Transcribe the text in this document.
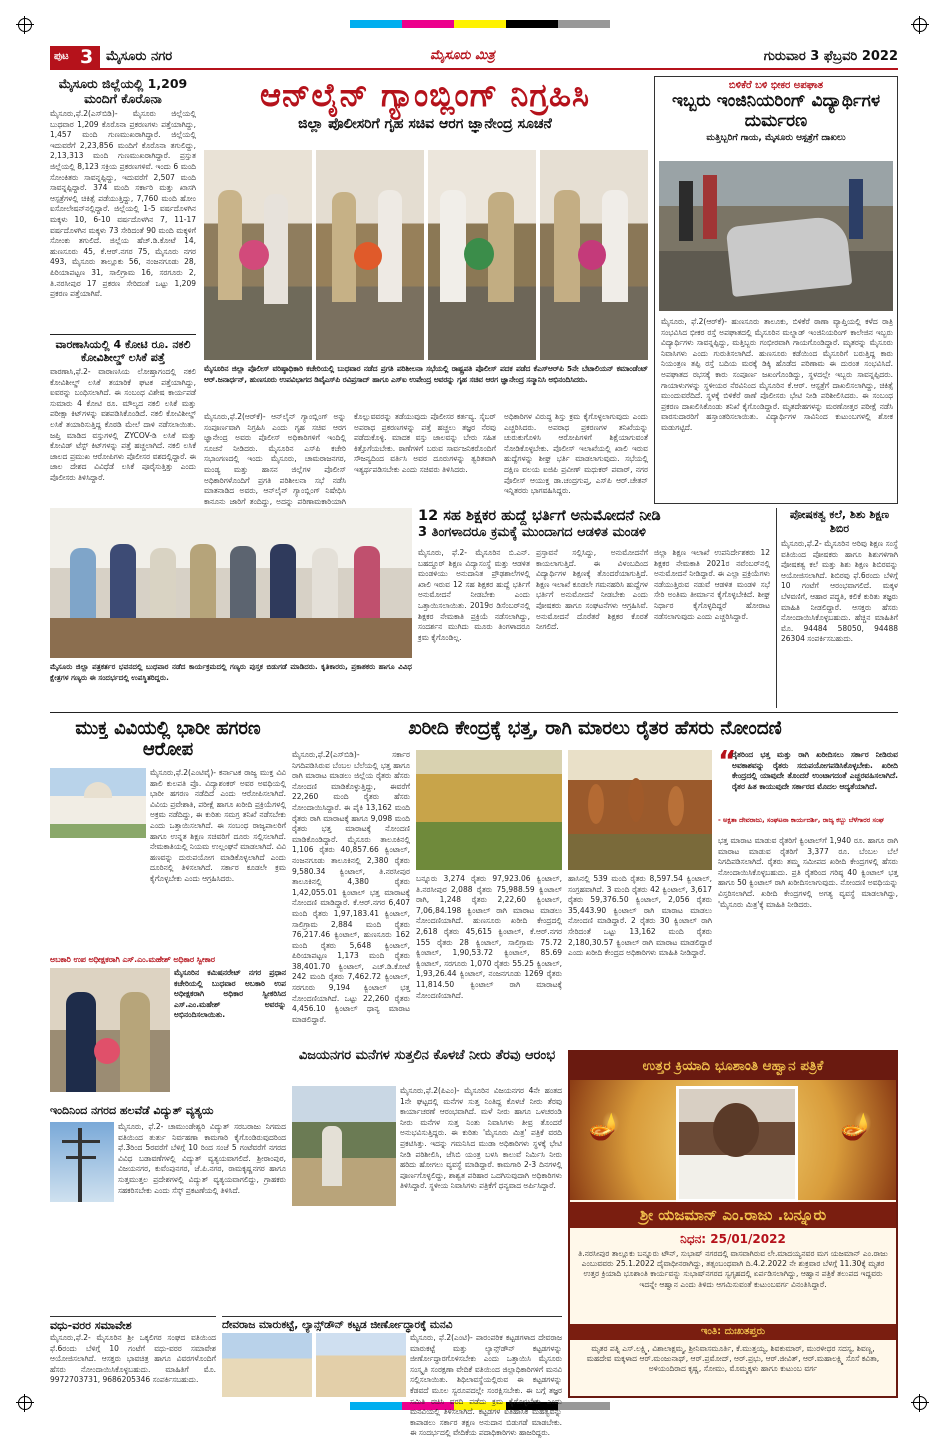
ಪುಟ 3 ಮೈಸೂರು ನಗರ	ಮೈಸೂರು ಮಿತ್ರ	ಗುರುವಾರ 3 ಫೆಬ್ರವರಿ 2022
ಮೈಸೂರು ಜಿಲ್ಲೆಯಲ್ಲಿ 1,209 ಮಂದಿಗೆ ಕೊರೊನಾ
ಮೈಸೂರು,ಫೆ.2(ಎಸ್‌ಬಿಡಿ)- ಮೈಸೂರು ಜಿಲ್ಲೆಯಲ್ಲಿ ಬುಧವಾರ 1,209 ಕೊರೊನಾ ಪ್ರಕರಣಗಳು ಪತ್ತೆಯಾಗಿದ್ದು, 1,457 ಮಂದಿ ಗುಣಮುಖರಾಗಿದ್ದಾರೆ. ಜಿಲ್ಲೆಯಲ್ಲಿ ಇದುವರೆಗೆ 2,23,856 ಮಂದಿಗೆ ಕೊರೊನಾ ತಗುಲಿದ್ದು, 2,13,313 ಮಂದಿ ಗುಣಮುಖರಾಗಿದ್ದಾರೆ. ಪ್ರಸ್ತುತ ಜಿಲ್ಲೆಯಲ್ಲಿ 8,123 ಸಕ್ರಿಯ ಪ್ರಕರಣಗಳಿವೆ. ಇಂದು 6 ಮಂದಿ ಸೋಂಕಿತರು ಸಾವನ್ನಪ್ಪಿದ್ದು, ಇದುವರೆಗೆ 2,507 ಮಂದಿ ಸಾವನ್ನಪ್ಪಿದ್ದಾರೆ. 374 ಮಂದಿ ಸರ್ಕಾರಿ ಮತ್ತು ಖಾಸಗಿ ಆಸ್ಪತ್ರೆಗಳಲ್ಲಿ ಚಿಕಿತ್ಸೆ ಪಡೆಯುತ್ತಿದ್ದು, 7,760 ಮಂದಿ ಹೋಂ ಐಸೋಲೇಷನ್‌ನಲ್ಲಿದ್ದಾರೆ. ಜಿಲ್ಲೆಯಲ್ಲಿ 1-5 ವರ್ಷದೊಳಗಿನ ಮಕ್ಕಳು 10, 6-10 ವರ್ಷದೊಳಗಿನ 7, 11-17 ವರ್ಷದೊಳಗಿನ ಮಕ್ಕಳು 73 ಸೇರಿದಂತೆ 90 ಮಂದಿ ಮಕ್ಕಳಿಗೆ ಸೋಂಕು ತಗುಲಿದೆ. ಜಿಲ್ಲೆಯ ಹೆಚ್.ಡಿ.ಕೋಟೆ 14, ಹುಣಸೂರು 45, ಕೆ.ಆರ್.ನಗರ 75, ಮೈಸೂರು ನಗರ 493, ಮೈಸೂರು ತಾಲ್ಲೂಕು 56, ನಂಜನಗೂಡು 28, ಪಿರಿಯಾಪಟ್ಟಣ 31, ಸಾಲಿಗ್ರಾಮ 16, ಸರಗೂರು 2, ತಿ.ನರಸೀಪುರ 17 ಪ್ರಕರಣ ಸೇರಿದಂತೆ ಒಟ್ಟು 1,209 ಪ್ರಕರಣ ಪತ್ತೆಯಾಗಿವೆ.
ವಾರಣಾಸಿಯಲ್ಲಿ 4 ಕೋಟಿ ರೂ. ನಕಲಿ ಕೋವಿಶೀಲ್ಡ್ ಲಸಿಕೆ ಪತ್ತೆ
ವಾರಣಾಸಿ,ಫೆ.2- ವಾರಾಣಸಿಯ ಲೋಹ್ತಾಗಂದಲ್ಲಿ ನಕಲಿ ಕೋವಿಶೀಲ್ಡ್ ಲಸಿಕೆ ತಯಾರಿಕೆ ಘಟಕ ಪತ್ತೆಯಾಗಿದ್ದು, ಐವರನ್ನು ಬಂಧಿಸಲಾಗಿದೆ. ಈ ಸಂಬಂಧ ವಿಶೇಷ ಕಾರ್ಯಪಡೆ ಸುಮಾರು 4 ಕೋಟಿ ರೂ. ಮೌಲ್ಯದ ನಕಲಿ ಲಸಿಕೆ ಮತ್ತು ಪರೀಕ್ಷಾ ಕಿಟ್‌ಗಳನ್ನು ವಶಪಡಿಸಿಕೊಂಡಿದೆ. ನಕಲಿ ಕೋವಿಶೀಲ್ಡ್ ಲಸಿಕೆ ತಯಾರಿಸುತ್ತಿದ್ದ ಕೊಠಡಿ ಮೇಲೆ ದಾಳಿ ನಡೆಸಲಾಯಿತು. ಜಪ್ತಿ ಮಾಡಿದ ವಸ್ತುಗಳಲ್ಲಿ ZYCOV-ಡಿ ಲಸಿಕೆ ಮತ್ತು ಕೋವಿಡ್ ಟೆಸ್ಟ್ ಕಿಟ್‌ಗಳನ್ನು ಪತ್ತೆ ಹಚ್ಚಲಾಗಿದೆ. ನಕಲಿ ಲಸಿಕೆ ಜಾಲದ ಪ್ರಮುಖ ಆರೋಪಿಗಳು ಪೊಲೀಸರ ವಶದಲ್ಲಿದ್ದಾರೆ. ಈ ಜಾಲ ದೇಶದ ವಿವಿಧೆಡೆ ಲಸಿಕೆ ಪೂರೈಸುತ್ತಿತ್ತು ಎಂದು ಪೊಲೀಸರು ತಿಳಿಸಿದ್ದಾರೆ.
ಆನ್‌ಲೈನ್ ಗ್ಯಾಂಬ್ಲಿಂಗ್ ನಿಗ್ರಹಿಸಿ
ಜಿಲ್ಲಾ ಪೊಲೀಸರಿಗೆ ಗೃಹ ಸಚಿವ ಆರಗ ಜ್ಞಾನೇಂದ್ರ ಸೂಚನೆ
ಮೈಸೂರಿನ ಜಿಲ್ಲಾ ಪೊಲೀಸ್ ವರಿಷ್ಠಾಧಿಕಾರಿ ಕಚೇರಿಯಲ್ಲಿ ಬುಧವಾರ ನಡೆದ ಪ್ರಗತಿ ಪರಿಶೀಲನಾ ಸಭೆಯಲ್ಲಿ ರಾಷ್ಟ್ರಪತಿ ಪೊಲೀಸ್ ಪದಕ ಪಡೆದ ಕೆಎಸ್‌ಆರ್‌ಪಿ 5ನೇ ಬೆಟಾಲಿಯನ್ ಕಮಾಂಡೆಂಟ್ ಆರ್.ಜನಾರ್ಧನ್, ಹುಣಸೂರು ಉಪವಿಭಾಗದ ಡಿವೈಎಸ್‌ಪಿ ರವಿಪ್ರಸಾದ್ ಹಾಗೂ ಎಸ್‌ಐ ಉಪೇಂದ್ರ ಅವರನ್ನು ಗೃಹ ಸಚಿವ ಆರಗ ಜ್ಞಾನೇಂದ್ರ ಸನ್ಮಾನಿಸಿ ಅಭಿನಂದಿಸಿದರು.
ಮೈಸೂರು,ಫೆ.2(ಆರ್‌ಕೆ)- ಆನ್‌ಲೈನ್ ಗ್ಯಾಂಬ್ಲಿಂಗ್ ಅನ್ನು ಸಂಪೂರ್ಣವಾಗಿ ನಿಗ್ರಹಿಸಿ ಎಂದು ಗೃಹ ಸಚಿವ ಆರಗ ಜ್ಞಾನೇಂದ್ರ ಅವರು ಪೊಲೀಸ್ ಅಧಿಕಾರಿಗಳಿಗೆ ಇಂದಿಲ್ಲಿ ಸೂಚನೆ ನೀಡಿದರು. ಮೈಸೂರಿನ ಎಸ್‌ಪಿ ಕಚೇರಿ ಸಭಾಂಗಣದಲ್ಲಿ ಇಂದು ಮೈಸೂರು, ಚಾಮರಾಜನಗರ, ಮಂಡ್ಯ ಮತ್ತು ಹಾಸನ ಜಿಲ್ಲೆಗಳ ಪೊಲೀಸ್ ಅಧಿಕಾರಿಗಳೊಂದಿಗೆ ಪ್ರಗತಿ ಪರಿಶೀಲನಾ ಸಭೆ ನಡೆಸಿ ಮಾತನಾಡಿದ ಅವರು, ಆನ್‌ಲೈನ್ ಗ್ಯಾಂಬ್ಲಿಂಗ್ ನಿಷೇಧಿಸಿ ಕಾನೂನು ಜಾರಿಗೆ ತಂದಿದ್ದು, ಅದನ್ನು ಪರಿಣಾಮಕಾರಿಯಾಗಿ
ಕೊಲ್ಲುವವರನ್ನು ತಡೆಯುವುದು ಪೊಲೀಸರ ಕರ್ತವ್ಯ. ಸೈಬರ್ ಅಪರಾಧ ಪ್ರಕರಣಗಳನ್ನು ಪತ್ತೆ ಹಚ್ಚಲು ತಜ್ಞರ ನೆರವು ಪಡೆದುಕೊಳ್ಳಿ. ಮಾದಕ ವಸ್ತು ಜಾಲವನ್ನು ಬೇರು ಸಹಿತ ಕಿತ್ತೊಗೆಯಬೇಕು. ಠಾಣೆಗಳಿಗೆ ಬರುವ ಸಾರ್ವಜನಿಕರೊಂದಿಗೆ ಸೌಜನ್ಯದಿಂದ ವರ್ತಿಸಿ ಅವರ ದೂರುಗಳನ್ನು ತ್ವರಿತವಾಗಿ ಇತ್ಯರ್ಥಪಡಿಸಬೇಕು ಎಂದು ಸಚಿವರು ತಿಳಿಸಿದರು.
ಅಧಿಕಾರಿಗಳ ವಿರುದ್ಧ ಶಿಸ್ತು ಕ್ರಮ ಕೈಗೊಳ್ಳಲಾಗುವುದು ಎಂದು ಎಚ್ಚರಿಸಿದರು. ಅಪರಾಧ ಪ್ರಕರಣಗಳ ತನಿಖೆಯನ್ನು ಚುರುಕುಗೊಳಿಸಿ ಆರೋಪಿಗಳಿಗೆ ಶಿಕ್ಷೆಯಾಗುವಂತೆ ನೋಡಿಕೊಳ್ಳಬೇಕು. ಪೊಲೀಸ್ ಇಲಾಖೆಯಲ್ಲಿ ಖಾಲಿ ಇರುವ ಹುದ್ದೆಗಳನ್ನು ಶೀಘ್ರ ಭರ್ತಿ ಮಾಡಲಾಗುವುದು. ಸಭೆಯಲ್ಲಿ ದಕ್ಷಿಣ ವಲಯ ಐಜಿಪಿ ಪ್ರವೀಣ್ ಮಧುಕರ್ ಪವಾರ್, ನಗರ ಪೊಲೀಸ್ ಆಯುಕ್ತ ಡಾ.ಚಂದ್ರಗುಪ್ತ, ಎಸ್‌ಪಿ ಆರ್.ಚೇತನ್ ಇನ್ನಿತರರು ಭಾಗವಹಿಸಿದ್ದರು.
ಬಿಳಿಕೆರೆ ಬಳಿ ಭೀಕರ ಅಪಘಾತ
ಇಬ್ಬರು ಇಂಜಿನಿಯರಿಂಗ್ ವಿದ್ಯಾರ್ಥಿಗಳ ದುರ್ಮರಣ
ಮತ್ತಿಬ್ಬರಿಗೆ ಗಾಯ, ಮೈಸೂರು ಆಸ್ಪತ್ರೆಗೆ ದಾಖಲು
ಮೈಸೂರು, ಫೆ.2(ಆರ್‌ಕೆ)- ಹುಣಸೂರು ತಾಲೂಕು, ಬಿಳಿಕೆರೆ ಠಾಣಾ ವ್ಯಾಪ್ತಿಯಲ್ಲಿ ಕಳೆದ ರಾತ್ರಿ ಸಂಭವಿಸಿದ ಭೀಕರ ರಸ್ತೆ ಅಪಘಾತದಲ್ಲಿ ಮೈಸೂರಿನ ಮಲ್ನಾಡ್ ಇಂಜಿನಿಯರಿಂಗ್ ಕಾಲೇಜಿನ ಇಬ್ಬರು ವಿದ್ಯಾರ್ಥಿಗಳು ಸಾವನ್ನಪ್ಪಿದ್ದು, ಮತ್ತಿಬ್ಬರು ಗಂಭೀರವಾಗಿ ಗಾಯಗೊಂಡಿದ್ದಾರೆ. ಮೃತರನ್ನು ಮೈಸೂರು ನಿವಾಸಿಗಳು ಎಂದು ಗುರುತಿಸಲಾಗಿದೆ. ಹುಣಸೂರು ಕಡೆಯಿಂದ ಮೈಸೂರಿಗೆ ಬರುತ್ತಿದ್ದ ಕಾರು ನಿಯಂತ್ರಣ ತಪ್ಪಿ ರಸ್ತೆ ಬದಿಯ ಮರಕ್ಕೆ ಡಿಕ್ಕಿ ಹೊಡೆದ ಪರಿಣಾಮ ಈ ದುರಂತ ಸಂಭವಿಸಿದೆ. ಅಪಘಾತದ ರಭಸಕ್ಕೆ ಕಾರು ಸಂಪೂರ್ಣ ಜಖಂಗೊಂಡಿದ್ದು, ಸ್ಥಳದಲ್ಲೇ ಇಬ್ಬರು ಸಾವನ್ನಪ್ಪಿದರು. ಗಾಯಾಳುಗಳನ್ನು ಸ್ಥಳೀಯರ ನೆರವಿನಿಂದ ಮೈಸೂರಿನ ಕೆ.ಆರ್. ಆಸ್ಪತ್ರೆಗೆ ದಾಖಲಿಸಲಾಗಿದ್ದು, ಚಿಕಿತ್ಸೆ ಮುಂದುವರೆದಿದೆ. ಸ್ಥಳಕ್ಕೆ ಬಿಳಿಕೆರೆ ಠಾಣೆ ಪೊಲೀಸರು ಭೇಟಿ ನೀಡಿ ಪರಿಶೀಲಿಸಿದರು. ಈ ಸಂಬಂಧ ಪ್ರಕರಣ ದಾಖಲಿಸಿಕೊಂಡು ತನಿಖೆ ಕೈಗೊಂಡಿದ್ದಾರೆ. ಮೃತದೇಹಗಳನ್ನು ಮರಣೋತ್ತರ ಪರೀಕ್ಷೆ ನಡೆಸಿ ವಾರಸುದಾರರಿಗೆ ಹಸ್ತಾಂತರಿಸಲಾಯಿತು. ವಿದ್ಯಾರ್ಥಿಗಳ ಸಾವಿನಿಂದ ಕುಟುಂಬಗಳಲ್ಲಿ ಶೋಕ ಮಡುಗಟ್ಟಿದೆ.
ಮೈಸೂರು ಜಿಲ್ಲಾ ಪತ್ರಕರ್ತರ ಭವನದಲ್ಲಿ ಬುಧವಾರ ನಡೆದ ಕಾರ್ಯಕ್ರಮದಲ್ಲಿ ಗಣ್ಯರು ಪುಸ್ತಕ ಬಿಡುಗಡೆ ಮಾಡಿದರು. ಕೃತಿಕಾರರು, ಪ್ರಕಾಶಕರು ಹಾಗೂ ವಿವಿಧ ಕ್ಷೇತ್ರಗಳ ಗಣ್ಯರು ಈ ಸಂದರ್ಭದಲ್ಲಿ ಉಪಸ್ಥಿತರಿದ್ದರು.
12 ಸಹ ಶಿಕ್ಷಕರ ಹುದ್ದೆ ಭರ್ತಿಗೆ ಅನುಮೋದನೆ ನೀಡಿ
3 ತಿಂಗಳಾದರೂ ಕ್ರಮಕ್ಕೆ ಮುಂದಾಗದ ಆಡಳಿತ ಮಂಡಳಿ
ಮೈಸೂರು, ಫೆ.2- ಮೈಸೂರಿನ ಬಿ.ಎನ್. ಬಹದ್ದೂರ್ ಶಿಕ್ಷಣ ವಿದ್ಯಾಸಂಸ್ಥೆ ಮತ್ತು ಆಡಳಿತ ಮಂಡಳಿಯು ಅನುದಾನಿತ ಪ್ರೌಢಶಾಲೆಗಳಲ್ಲಿ ಖಾಲಿ ಇರುವ 12 ಸಹ ಶಿಕ್ಷಕರ ಹುದ್ದೆ ಭರ್ತಿಗೆ ಅನುಮೋದನೆ ನೀಡಬೇಕು ಎಂದು ಒತ್ತಾಯಿಸಲಾಯಿತು. 2019ರ ಡಿಸೆಂಬರ್‌ನಲ್ಲಿ ಶಿಕ್ಷಕರ ನೇಮಕಾತಿ ಪ್ರಕ್ರಿಯೆ ನಡೆಸಲಾಗಿದ್ದು, ಸಂದರ್ಶನ ಮುಗಿದು ಮೂರು ತಿಂಗಳಾದರೂ ಕ್ರಮ ಕೈಗೊಂಡಿಲ್ಲ.
ಪ್ರಸ್ತಾವನೆ ಸಲ್ಲಿಸಿದ್ದು, ಅನುಮೋದನೆಗೆ ಕಾಯಲಾಗುತ್ತಿದೆ. ಈ ವಿಳಂಬದಿಂದ ವಿದ್ಯಾರ್ಥಿಗಳ ಶಿಕ್ಷಣಕ್ಕೆ ತೊಂದರೆಯಾಗುತ್ತಿದೆ. ಶಿಕ್ಷಣ ಇಲಾಖೆ ಕೂಡಲೇ ಗಮನಹರಿಸಿ ಹುದ್ದೆಗಳ ಭರ್ತಿಗೆ ಅನುಮೋದನೆ ನೀಡಬೇಕು ಎಂದು ಪೋಷಕರು ಹಾಗೂ ಸಂಘಟನೆಗಳು ಆಗ್ರಹಿಸಿವೆ. ಅನುಮೋದನೆ ದೊರೆತರೆ ಶಿಕ್ಷಕರ ಕೊರತೆ ನೀಗಲಿದೆ.
ಜಿಲ್ಲಾ ಶಿಕ್ಷಣ ಇಲಾಖೆ ಉಪನಿರ್ದೇಶಕರು 12 ಶಿಕ್ಷಕರ ನೇಮಕಾತಿ 2021ರ ನವೆಂಬರ್‌ನಲ್ಲಿ ಅನುಮೋದನೆ ನೀಡಿದ್ದಾರೆ. ಈ ಎಲ್ಲಾ ಪ್ರಕ್ರಿಯೆಗಳು ನಡೆಯುತ್ತಿರುವ ನಡುವೆ ಆಡಳಿತ ಮಂಡಳಿ ಸಭೆ ಸೇರಿ ಅಂತಿಮ ತೀರ್ಮಾನ ಕೈಗೊಳ್ಳಬೇಕಿದೆ. ಶೀಘ್ರ ನಿರ್ಧಾರ ಕೈಗೊಳ್ಳದಿದ್ದರೆ ಹೋರಾಟ ನಡೆಸಲಾಗುವುದು ಎಂದು ಎಚ್ಚರಿಸಿದ್ದಾರೆ.
ಪೋಷಕತ್ವ ಕಲೆ, ಶಿಶು ಶಿಕ್ಷಣ ಶಿಬಿರ
ಮೈಸೂರು,ಫೆ.2- ಮೈಸೂರಿನ ಅರಿವು ಶಿಕ್ಷಣ ಸಂಸ್ಥೆ ವತಿಯಿಂದ ಪೋಷಕರು ಹಾಗೂ ಶಿಶುಗಳಿಗಾಗಿ ಪೋಷಕತ್ವ ಕಲೆ ಮತ್ತು ಶಿಶು ಶಿಕ್ಷಣ ಶಿಬಿರವನ್ನು ಆಯೋಜಿಸಲಾಗಿದೆ. ಶಿಬಿರವು ಫೆ.6ರಂದು ಬೆಳಿಗ್ಗೆ 10 ಗಂಟೆಗೆ ಆರಂಭವಾಗಲಿದೆ. ಮಕ್ಕಳ ಬೆಳವಣಿಗೆ, ಆಹಾರ ಪದ್ಧತಿ, ಕಲಿಕೆ ಕುರಿತು ತಜ್ಞರು ಮಾಹಿತಿ ನೀಡಲಿದ್ದಾರೆ. ಆಸಕ್ತರು ಹೆಸರು ನೋಂದಾಯಿಸಿಕೊಳ್ಳಬಹುದು. ಹೆಚ್ಚಿನ ಮಾಹಿತಿಗೆ ಮೊ. 94484 58050, 94488 26304 ಸಂಪರ್ಕಿಸಬಹುದು.
ಮುಕ್ತ ವಿವಿಯಲ್ಲಿ ಭಾರೀ ಹಗರಣ ಆರೋಪ
ಮೈಸೂರು,ಫೆ.2(ಎಂಟಿವೈ)- ಕರ್ನಾಟಕ ರಾಜ್ಯ ಮುಕ್ತ ವಿವಿ ಹಾಲಿ ಕುಲಪತಿ ಪ್ರೊ. ವಿದ್ಯಾಶಂಕರ್ ಅವರ ಅವಧಿಯಲ್ಲಿ ಭಾರೀ ಹಗರಣ ನಡೆದಿದೆ ಎಂದು ಆರೋಪಿಸಲಾಗಿದೆ. ವಿವಿಯ ಪ್ರವೇಶಾತಿ, ಪರೀಕ್ಷೆ ಹಾಗೂ ಖರೀದಿ ಪ್ರಕ್ರಿಯೆಗಳಲ್ಲಿ ಅಕ್ರಮ ನಡೆದಿದ್ದು, ಈ ಕುರಿತು ಸಮಗ್ರ ತನಿಖೆ ನಡೆಸಬೇಕು ಎಂದು ಒತ್ತಾಯಿಸಲಾಗಿದೆ. ಈ ಸಂಬಂಧ ರಾಜ್ಯಪಾಲರಿಗೆ ಹಾಗೂ ಉನ್ನತ ಶಿಕ್ಷಣ ಸಚಿವರಿಗೆ ದೂರು ಸಲ್ಲಿಸಲಾಗಿದೆ. ನೇಮಕಾತಿಯಲ್ಲಿ ನಿಯಮ ಉಲ್ಲಂಘನೆ ಮಾಡಲಾಗಿದೆ. ವಿವಿ ಹಣವನ್ನು ದುರುಪಯೋಗ ಮಾಡಿಕೊಳ್ಳಲಾಗಿದೆ ಎಂದು ದೂರಿನಲ್ಲಿ ತಿಳಿಸಲಾಗಿದೆ. ಸರ್ಕಾರ ಕೂಡಲೇ ಕ್ರಮ ಕೈಗೊಳ್ಳಬೇಕು ಎಂದು ಆಗ್ರಹಿಸಿದರು.
ಅಬಕಾರಿ ಉಪ ಅಧೀಕ್ಷಕರಾಗಿ ಎಸ್.ಎಂ.ಮಹೇಶ್ ಅಧಿಕಾರ ಸ್ವೀಕಾರ
ಮೈಸೂರಿನ ಕಮಿಷನರೇಟ್ ನಗರ ಪ್ರಧಾನ ಕಚೇರಿಯಲ್ಲಿ ಬುಧವಾರ ಅಬಕಾರಿ ಉಪ ಅಧೀಕ್ಷಕರಾಗಿ ಅಧಿಕಾರ ಸ್ವೀಕರಿಸಿದ ಎಸ್.ಎಂ.ಮಹೇಶ್ ಅವರನ್ನು ಅಭಿನಂದಿಸಲಾಯಿತು.
ಇಂದಿನಿಂದ ನಗರದ ಹಲವೆಡೆ ವಿದ್ಯುತ್ ವ್ಯತ್ಯಯ
ಮೈಸೂರು, ಫೆ.2- ಚಾಮುಂಡೇಶ್ವರಿ ವಿದ್ಯುತ್ ಸರಬರಾಜು ನಿಗಮದ ವತಿಯಿಂದ ತುರ್ತು ನಿರ್ವಹಣಾ ಕಾಮಗಾರಿ ಕೈಗೊಂಡಿರುವುದರಿಂದ ಫೆ.3ರಿಂದ 5ರವರೆಗೆ ಬೆಳಿಗ್ಗೆ 10 ರಿಂದ ಸಂಜೆ 5 ಗಂಟೆವರೆಗೆ ನಗರದ ವಿವಿಧ ಬಡಾವಣೆಗಳಲ್ಲಿ ವಿದ್ಯುತ್ ವ್ಯತ್ಯಯವಾಗಲಿದೆ. ಶ್ರೀರಾಂಪುರ, ವಿಜಯನಗರ, ಕುವೆಂಪುನಗರ, ಜೆ.ಪಿ.ನಗರ, ರಾಮಕೃಷ್ಣನಗರ ಹಾಗೂ ಸುತ್ತಮುತ್ತಲ ಪ್ರದೇಶಗಳಲ್ಲಿ ವಿದ್ಯುತ್ ವ್ಯತ್ಯಯವಾಗಲಿದ್ದು, ಗ್ರಾಹಕರು ಸಹಕರಿಸಬೇಕು ಎಂದು ಸೆಸ್ಕ್ ಪ್ರಕಟಣೆಯಲ್ಲಿ ತಿಳಿಸಿದೆ.
ವಧು-ವರರ ಸಮಾವೇಶ
ಮೈಸೂರು,ಫೆ.2- ಮೈಸೂರಿನ ಶ್ರೀ ಒಕ್ಕಲಿಗರ ಸಂಘದ ವತಿಯಿಂದ ಫೆ.6ರಂದು ಬೆಳಿಗ್ಗೆ 10 ಗಂಟೆಗೆ ವಧು-ವರರ ಸಮಾವೇಶ ಆಯೋಜಿಸಲಾಗಿದೆ. ಆಸಕ್ತರು ಭಾವಚಿತ್ರ ಹಾಗೂ ವಿವರಗಳೊಂದಿಗೆ ಹೆಸರು ನೋಂದಾಯಿಸಿಕೊಳ್ಳಬಹುದು. ಮಾಹಿತಿಗೆ ಮೊ. 9972703731, 9686205346 ಸಂಪರ್ಕಿಸಬಹುದು.
ಖರೀದಿ ಕೇಂದ್ರಕ್ಕೆ ಭತ್ತ, ರಾಗಿ ಮಾರಲು ರೈತರ ಹೆಸರು ನೋಂದಣಿ
ಮೈಸೂರು,ಫೆ.2(ಎಸ್‌ಬಿಡಿ)- ಸರ್ಕಾರ ನಿಗದಿಪಡಿಸಿರುವ ಬೆಂಬಲ ಬೆಲೆಯಲ್ಲಿ ಭತ್ತ ಹಾಗೂ ರಾಗಿ ಮಾರಾಟ ಮಾಡಲು ಜಿಲ್ಲೆಯ ರೈತರು ಹೆಸರು ನೋಂದಣಿ ಮಾಡಿಕೊಳ್ಳುತ್ತಿದ್ದು, ಈವರೆಗೆ 22,260 ಮಂದಿ ರೈತರು ಹೆಸರು ನೋಂದಾಯಿಸಿದ್ದಾರೆ. ಈ ಪೈಕಿ 13,162 ಮಂದಿ ರೈತರು ರಾಗಿ ಮಾರಾಟಕ್ಕೆ ಹಾಗೂ 9,098 ಮಂದಿ ರೈತರು ಭತ್ತ ಮಾರಾಟಕ್ಕೆ ನೋಂದಣಿ ಮಾಡಿಕೊಂಡಿದ್ದಾರೆ. ಮೈಸೂರು ತಾಲೂಕಿನಲ್ಲಿ 1,106 ರೈತರು 40,857.66 ಕ್ವಿಂಟಾಲ್, ನಂಜನಗೂಡು ತಾಲೂಕಿನಲ್ಲಿ 2,380 ರೈತರು 9,580.34 ಕ್ವಿಂಟಾಲ್, ತಿ.ನರಸೀಪುರ ತಾಲೂಕಿನಲ್ಲಿ 4,380 ರೈತರು 1,42,055.01 ಕ್ವಿಂಟಾಲ್ ಭತ್ತ ಮಾರಾಟಕ್ಕೆ ನೋಂದಣಿ ಮಾಡಿದ್ದಾರೆ. ಕೆ.ಆರ್.ನಗರ 6,407 ಮಂದಿ ರೈತರು 1,97,183.41 ಕ್ವಿಂಟಾಲ್, ಸಾಲಿಗ್ರಾಮ 2,884 ಮಂದಿ ರೈತರು 76,217.46 ಕ್ವಿಂಟಾಲ್, ಹುಣಸೂರು 162 ಮಂದಿ ರೈತರು 5,648 ಕ್ವಿಂಟಾಲ್, ಪಿರಿಯಾಪಟ್ಟಣ 1,173 ಮಂದಿ ರೈತರು 38,401.70 ಕ್ವಿಂಟಾಲ್, ಎಚ್.ಡಿ.ಕೋಟೆ 242 ಮಂದಿ ರೈತರು 7,462.72 ಕ್ವಿಂಟಾಲ್, ಸರಗೂರು 9,194 ಕ್ವಿಂಟಾಲ್ ಭತ್ತ ನೋಂದಣಿಯಾಗಿದೆ. ಒಟ್ಟು 22,260 ರೈತರು 4,456.10 ಕ್ವಿಂಟಾಲ್ ಧಾನ್ಯ ಮಾರಾಟ ಮಾಡಲಿದ್ದಾರೆ.
ಬನ್ನೂರು 3,274 ರೈತರು 97,923.06 ಕ್ವಿಂಟಾಲ್, ತಿ.ನರಸೀಪುರ 2,088 ರೈತರು 75,988.59 ಕ್ವಿಂಟಾಲ್ ರಾಗಿ, 1,248 ರೈತರು 2,22,60 ಕ್ವಿಂಟಾಲ್, 7,06,84.198 ಕ್ವಿಂಟಾಲ್ ರಾಗಿ ಮಾರಾಟ ಮಾಡಲು ನೋಂದಣಿಯಾಗಿದೆ. ಹುಣಸೂರು ಖರೀದಿ ಕೇಂದ್ರದಲ್ಲಿ 2,618 ರೈತರು 45,615 ಕ್ವಿಂಟಾಲ್, ಕೆ.ಆರ್.ನಗರ 155 ರೈತರು 28 ಕ್ವಿಂಟಾಲ್, ಸಾಲಿಗ್ರಾಮ 75.72 ಕ್ವಿಂಟಾಲ್, 1,90,53.72 ಕ್ವಿಂಟಾಲ್, 85.69 ಕ್ವಿಂಟಾಲ್, ಸರಗೂರು 1,070 ರೈತರು 55.25 ಕ್ವಿಂಟಾಲ್, 1,93,26.44 ಕ್ವಿಂಟಾಲ್, ನಂಜನಗೂಡು 1269 ರೈತರು 11,814.50 ಕ್ವಿಂಟಾಲ್ ರಾಗಿ ಮಾರಾಟಕ್ಕೆ ನೋಂದಣಿಯಾಗಿದೆ.
ಹಾಸಿನಲ್ಲಿ 539 ಮಂದಿ ರೈತರು 8,597.54 ಕ್ವಿಂಟಾಲ್, ಸಂಗ್ರಹವಾಗಿದೆ. 3 ಮಂದಿ ರೈತರು 42 ಕ್ವಿಂಟಾಲ್, 3,617 ರೈತರು 59,376.50 ಕ್ವಿಂಟಾಲ್, 2,056 ರೈತರು 35,443.90 ಕ್ವಿಂಟಾಲ್ ರಾಗಿ ಮಾರಾಟ ಮಾಡಲು ನೋಂದಣಿ ಮಾಡಿದ್ದಾರೆ. 2 ರೈತರು 30 ಕ್ವಿಂಟಾಲ್ ರಾಗಿ ಸೇರಿದಂತೆ ಒಟ್ಟು 13,162 ಮಂದಿ ರೈತರು 2,180,30.57 ಕ್ವಿಂಟಾಲ್ ರಾಗಿ ಮಾರಾಟ ಮಾಡಲಿದ್ದಾರೆ ಎಂದು ಖರೀದಿ ಕೇಂದ್ರದ ಅಧಿಕಾರಿಗಳು ಮಾಹಿತಿ ನೀಡಿದ್ದಾರೆ.
“
ರೈತರಿಂದ ಭತ್ತ ಮತ್ತು ರಾಗಿ ಖರೀದಿಸಲು ಸರ್ಕಾರ ನೀಡಿರುವ ಅವಕಾಶವನ್ನು ರೈತರು ಸದುಪಯೋಗಪಡಿಸಿಕೊಳ್ಳಬೇಕು. ಖರೀದಿ ಕೇಂದ್ರದಲ್ಲಿ ಯಾವುದೇ ತೊಂದರೆ ಉಂಟಾಗದಂತೆ ಎಚ್ಚರವಹಿಸಲಾಗಿದೆ. ರೈತರ ಹಿತ ಕಾಯುವುದೇ ಸರ್ಕಾರದ ಮೊದಲ ಆದ್ಯತೆಯಾಗಿದೆ.
- ಅಕ್ಷತಾ ದೇವರಾಜು, ಸಂಘಟನಾ ಕಾರ್ಯದರ್ಶಿ, ರಾಜ್ಯ ಕಬ್ಬು ಬೆಳೆಗಾರರ ಸಂಘ
ಭತ್ತ ಮಾರಾಟ ಮಾಡುವ ರೈತರಿಗೆ ಕ್ವಿಂಟಾಲ್‌ಗೆ 1,940 ರೂ. ಹಾಗೂ ರಾಗಿ ಮಾರಾಟ ಮಾಡುವ ರೈತರಿಗೆ 3,377 ರೂ. ಬೆಂಬಲ ಬೆಲೆ ನಿಗದಿಪಡಿಸಲಾಗಿದೆ. ರೈತರು ತಮ್ಮ ಸಮೀಪದ ಖರೀದಿ ಕೇಂದ್ರಗಳಲ್ಲಿ ಹೆಸರು ನೋಂದಾಯಿಸಿಕೊಳ್ಳಬಹುದು. ಪ್ರತಿ ರೈತರಿಂದ ಗರಿಷ್ಠ 40 ಕ್ವಿಂಟಾಲ್ ಭತ್ತ ಹಾಗೂ 50 ಕ್ವಿಂಟಾಲ್ ರಾಗಿ ಖರೀದಿಸಲಾಗುವುದು. ನೋಂದಣಿ ಅವಧಿಯನ್ನು ವಿಸ್ತರಿಸಲಾಗಿದೆ. ಖರೀದಿ ಕೇಂದ್ರಗಳಲ್ಲಿ ಅಗತ್ಯ ವ್ಯವಸ್ಥೆ ಮಾಡಲಾಗಿದ್ದು, 'ಮೈಸೂರು ಮಿತ್ರ'ಕ್ಕೆ ಮಾಹಿತಿ ನೀಡಿದರು.
ವಿಜಯನಗರ ಮನೆಗಳ ಸುತ್ತಲಿನ ಕೊಳಚೆ ನೀರು ತೆರವು ಆರಂಭ
ಮೈಸೂರು,ಫೆ.2(ಪಿಎಂ)- ಮೈಸೂರಿನ ವಿಜಯನಗರ 4ನೇ ಹಂತದ 1ನೇ ಘಟ್ಟದಲ್ಲಿ ಮನೆಗಳ ಸುತ್ತ ನಿಂತಿದ್ದ ಕೊಳಚೆ ನೀರು ತೆರವು ಕಾರ್ಯಾಚರಣೆ ಆರಂಭವಾಗಿದೆ. ಮಳೆ ನೀರು ಹಾಗೂ ಒಳಚರಂಡಿ ನೀರು ಮನೆಗಳ ಸುತ್ತ ನಿಂತು ನಿವಾಸಿಗಳು ತೀವ್ರ ತೊಂದರೆ ಅನುಭವಿಸುತ್ತಿದ್ದರು. ಈ ಕುರಿತು 'ಮೈಸೂರು ಮಿತ್ರ' ಪತ್ರಿಕೆ ವರದಿ ಪ್ರಕಟಿಸಿತ್ತು. ಇದನ್ನು ಗಮನಿಸಿದ ಮುಡಾ ಅಧಿಕಾರಿಗಳು ಸ್ಥಳಕ್ಕೆ ಭೇಟಿ ನೀಡಿ ಪರಿಶೀಲಿಸಿ, ಜೆಸಿಬಿ ಯಂತ್ರ ಬಳಸಿ ಕಾಲುವೆ ನಿರ್ಮಿಸಿ ನೀರು ಹರಿದು ಹೋಗಲು ವ್ಯವಸ್ಥೆ ಮಾಡಿದ್ದಾರೆ. ಕಾಮಗಾರಿ 2-3 ದಿನಗಳಲ್ಲಿ ಪೂರ್ಣಗೊಳ್ಳಲಿದ್ದು, ಶಾಶ್ವತ ಪರಿಹಾರ ಒದಗಿಸುವುದಾಗಿ ಅಧಿಕಾರಿಗಳು ತಿಳಿಸಿದ್ದಾರೆ. ಸ್ಥಳೀಯ ನಿವಾಸಿಗಳು ಪತ್ರಿಕೆಗೆ ಧನ್ಯವಾದ ಅರ್ಪಿಸಿದ್ದಾರೆ.
ದೇವರಾಜ ಮಾರುಕಟ್ಟೆ, ಲ್ಯಾನ್ಸ್‌ಡೌನ್ ಕಟ್ಟಡ ಜೀರ್ಣೋದ್ಧಾರಕ್ಕೆ ಮನವಿ
ಮೈಸೂರು, ಫೆ.2(ಎಂಟಿ)- ಪಾರಂಪರಿಕ ಕಟ್ಟಡಗಳಾದ ದೇವರಾಜ ಮಾರುಕಟ್ಟೆ ಮತ್ತು ಲ್ಯಾನ್ಸ್‌ಡೌನ್ ಕಟ್ಟಡಗಳನ್ನು ಜೀರ್ಣೋದ್ಧಾರಗೊಳಿಸಬೇಕು ಎಂದು ಒತ್ತಾಯಿಸಿ ಮೈಸೂರು ಸಂಸ್ಕೃತಿ ಸಂರಕ್ಷಣಾ ವೇದಿಕೆ ವತಿಯಿಂದ ಜಿಲ್ಲಾಧಿಕಾರಿಗಳಿಗೆ ಮನವಿ ಸಲ್ಲಿಸಲಾಯಿತು. ಶಿಥಿಲಾವಸ್ಥೆಯಲ್ಲಿರುವ ಈ ಕಟ್ಟಡಗಳನ್ನು ಕೆಡವದೆ ಮೂಲ ಸ್ವರೂಪದಲ್ಲೇ ಸಂರಕ್ಷಿಸಬೇಕು. ಈ ಬಗ್ಗೆ ತಜ್ಞರ ಸಮಿತಿ ರಚಿಸಿ ವರದಿ ಪಡೆದು ಕ್ರಮ ಕೈಗೊಳ್ಳಬೇಕು ಎಂದು ಮನವಿಯಲ್ಲಿ ತಿಳಿಸಲಾಗಿದೆ. ಕಟ್ಟಡಗಳ ಐತಿಹಾಸಿಕ ಮಹತ್ವವನ್ನು ಕಾಪಾಡಲು ಸರ್ಕಾರ ತಕ್ಷಣ ಅನುದಾನ ಬಿಡುಗಡೆ ಮಾಡಬೇಕು. ಈ ಸಂದರ್ಭದಲ್ಲಿ ವೇದಿಕೆಯ ಪದಾಧಿಕಾರಿಗಳು ಹಾಜರಿದ್ದರು.
ಉತ್ತರ ಕ್ರಿಯಾದಿ ಭೂಶಾಂತಿ ಆಹ್ವಾನ ಪತ್ರಿಕೆ
🪔	🪔
ಶ್ರೀ ಯಜಮಾನ್ ಎಂ.ರಾಜು .ಬನ್ನೂರು
ನಿಧನ: 25/01/2022
ತಿ.ನರಸೀಪುರ ತಾಲ್ಲೂಕು ಬನ್ನೂರು ಟೌನ್, ಸುಭಾಷ್ ನಗರದಲ್ಲಿ ವಾಸವಾಗಿರುವ ಲೇ.ಮಾದಯ್ಯನವರ ಮಗ ಯಜಮಾನ್ ಎಂ.ರಾಜು ಎಂಬುವವರು 25.1.2022 ದೈವಾಧೀನರಾಗಿದ್ದು, ತತ್ಸಂಬಂಧವಾಗಿ ದಿ.4.2.2022 ನೇ ಶುಕ್ರವಾರ ಬೆಳಗ್ಗೆ 11.30ಕ್ಕೆ ಮೃತರ ಉತ್ತರ ಕ್ರಿಯಾದಿ ಭೂಶಾಂತಿ ಕಾರ್ಯವನ್ನು ಸುಭಾಷ್‌ನಗರದ ಸ್ವಗೃಹದಲ್ಲಿ ಏರ್ಪಡಿಸಲಾಗಿದ್ದು, ಆಹ್ವಾನ ಪತ್ರಿಕೆ ತಲುಪದ ಇದ್ದವರು ಇದನ್ನೇ ಆಹ್ವಾನ ಎಂದು ತಿಳಿದು ಆಗಮಿಸುವಂತೆ ಕುಟುಂಬವರ್ಗ ವಿನಂತಿಸಿದ್ದಾರೆ.
ಇಂತಿ: ದುಃಖತಪ್ತರು
ಮೃತರ ಪತ್ನಿ ಎಸ್.ಲಕ್ಷ್ಮಿ, ವಿಶಾಲಾಕ್ಷಮ್ಮ, ಶ್ರೀನಿವಾಸಮೂರ್ತಿ, ಕೆ.ಮುತ್ತಯ್ಯ, ಶಿವಕುಮಾರ್, ಮುರಳೀಧರ ಸದಸ್ಯ, ಶಿವಣ್ಣ, ಮಹದೇವ ಮಕ್ಕಳಾದ ಆರ್.ಮಂಜುನಾಥ್, ಆರ್.ಪ್ರಮೋದ್, ಆರ್.ಪ್ರಭು, ಆರ್.ಜೀವಿತ್, ಆರ್.ಮಹಾಲಕ್ಷ್ಮಿ ಸೊಸೆ ಕವಿತಾ, ಅಳಿಯಂದಿರಾದ ಕೃಷ್ಣ, ಸೋಮು, ಮೊಮ್ಮಕ್ಕಳು ಹಾಗೂ ಕುಟುಂಬ ವರ್ಗ
